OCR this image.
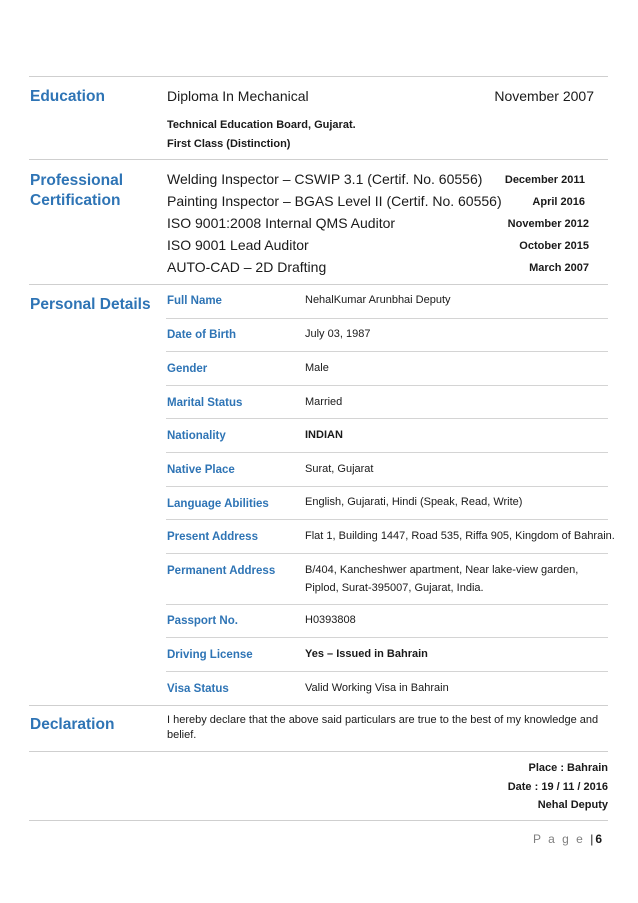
Education	Diploma In Mechanical	November 2007
Technical Education Board, Gujarat.
First Class (Distinction)
Professional
Certification
Welding Inspector – CSWIP 3.1 (Certif. No. 60556) December 2011
Painting Inspector – BGAS Level II (Certif. No. 60556)	April 2016
ISO 9001:2008 Internal QMS Auditor	November 2012
ISO 9001 Lead Auditor	October 2015
AUTO-CAD – 2D Drafting	March 2007
Personal Details Full Name	NehalKumar Arunbhai Deputy
Date of Birth	July 03, 1987
Gender	Male
Marital Status	Married
Nationality	INDIAN
Native Place	Surat, Gujarat
Language Abilities	English, Gujarati, Hindi (Speak, Read, Write)
Present Address	Flat 1, Building 1447, Road 535, Riffa 905, Kingdom of Bahrain.
Permanent Address	B/404, Kancheshwer apartment, Near lake-view garden,
Piplod, Surat-395007, Gujarat, India.
Passport No.	H0393808
Driving License	Yes – Issued in Bahrain
Visa Status	Valid Working Visa in Bahrain
Declaration	I hereby declare that the above said particulars are true to the best of my knowledge and belief.
Place : Bahrain
Date : 19 / 11 / 2016
Nehal Deputy
P a g e | 6
